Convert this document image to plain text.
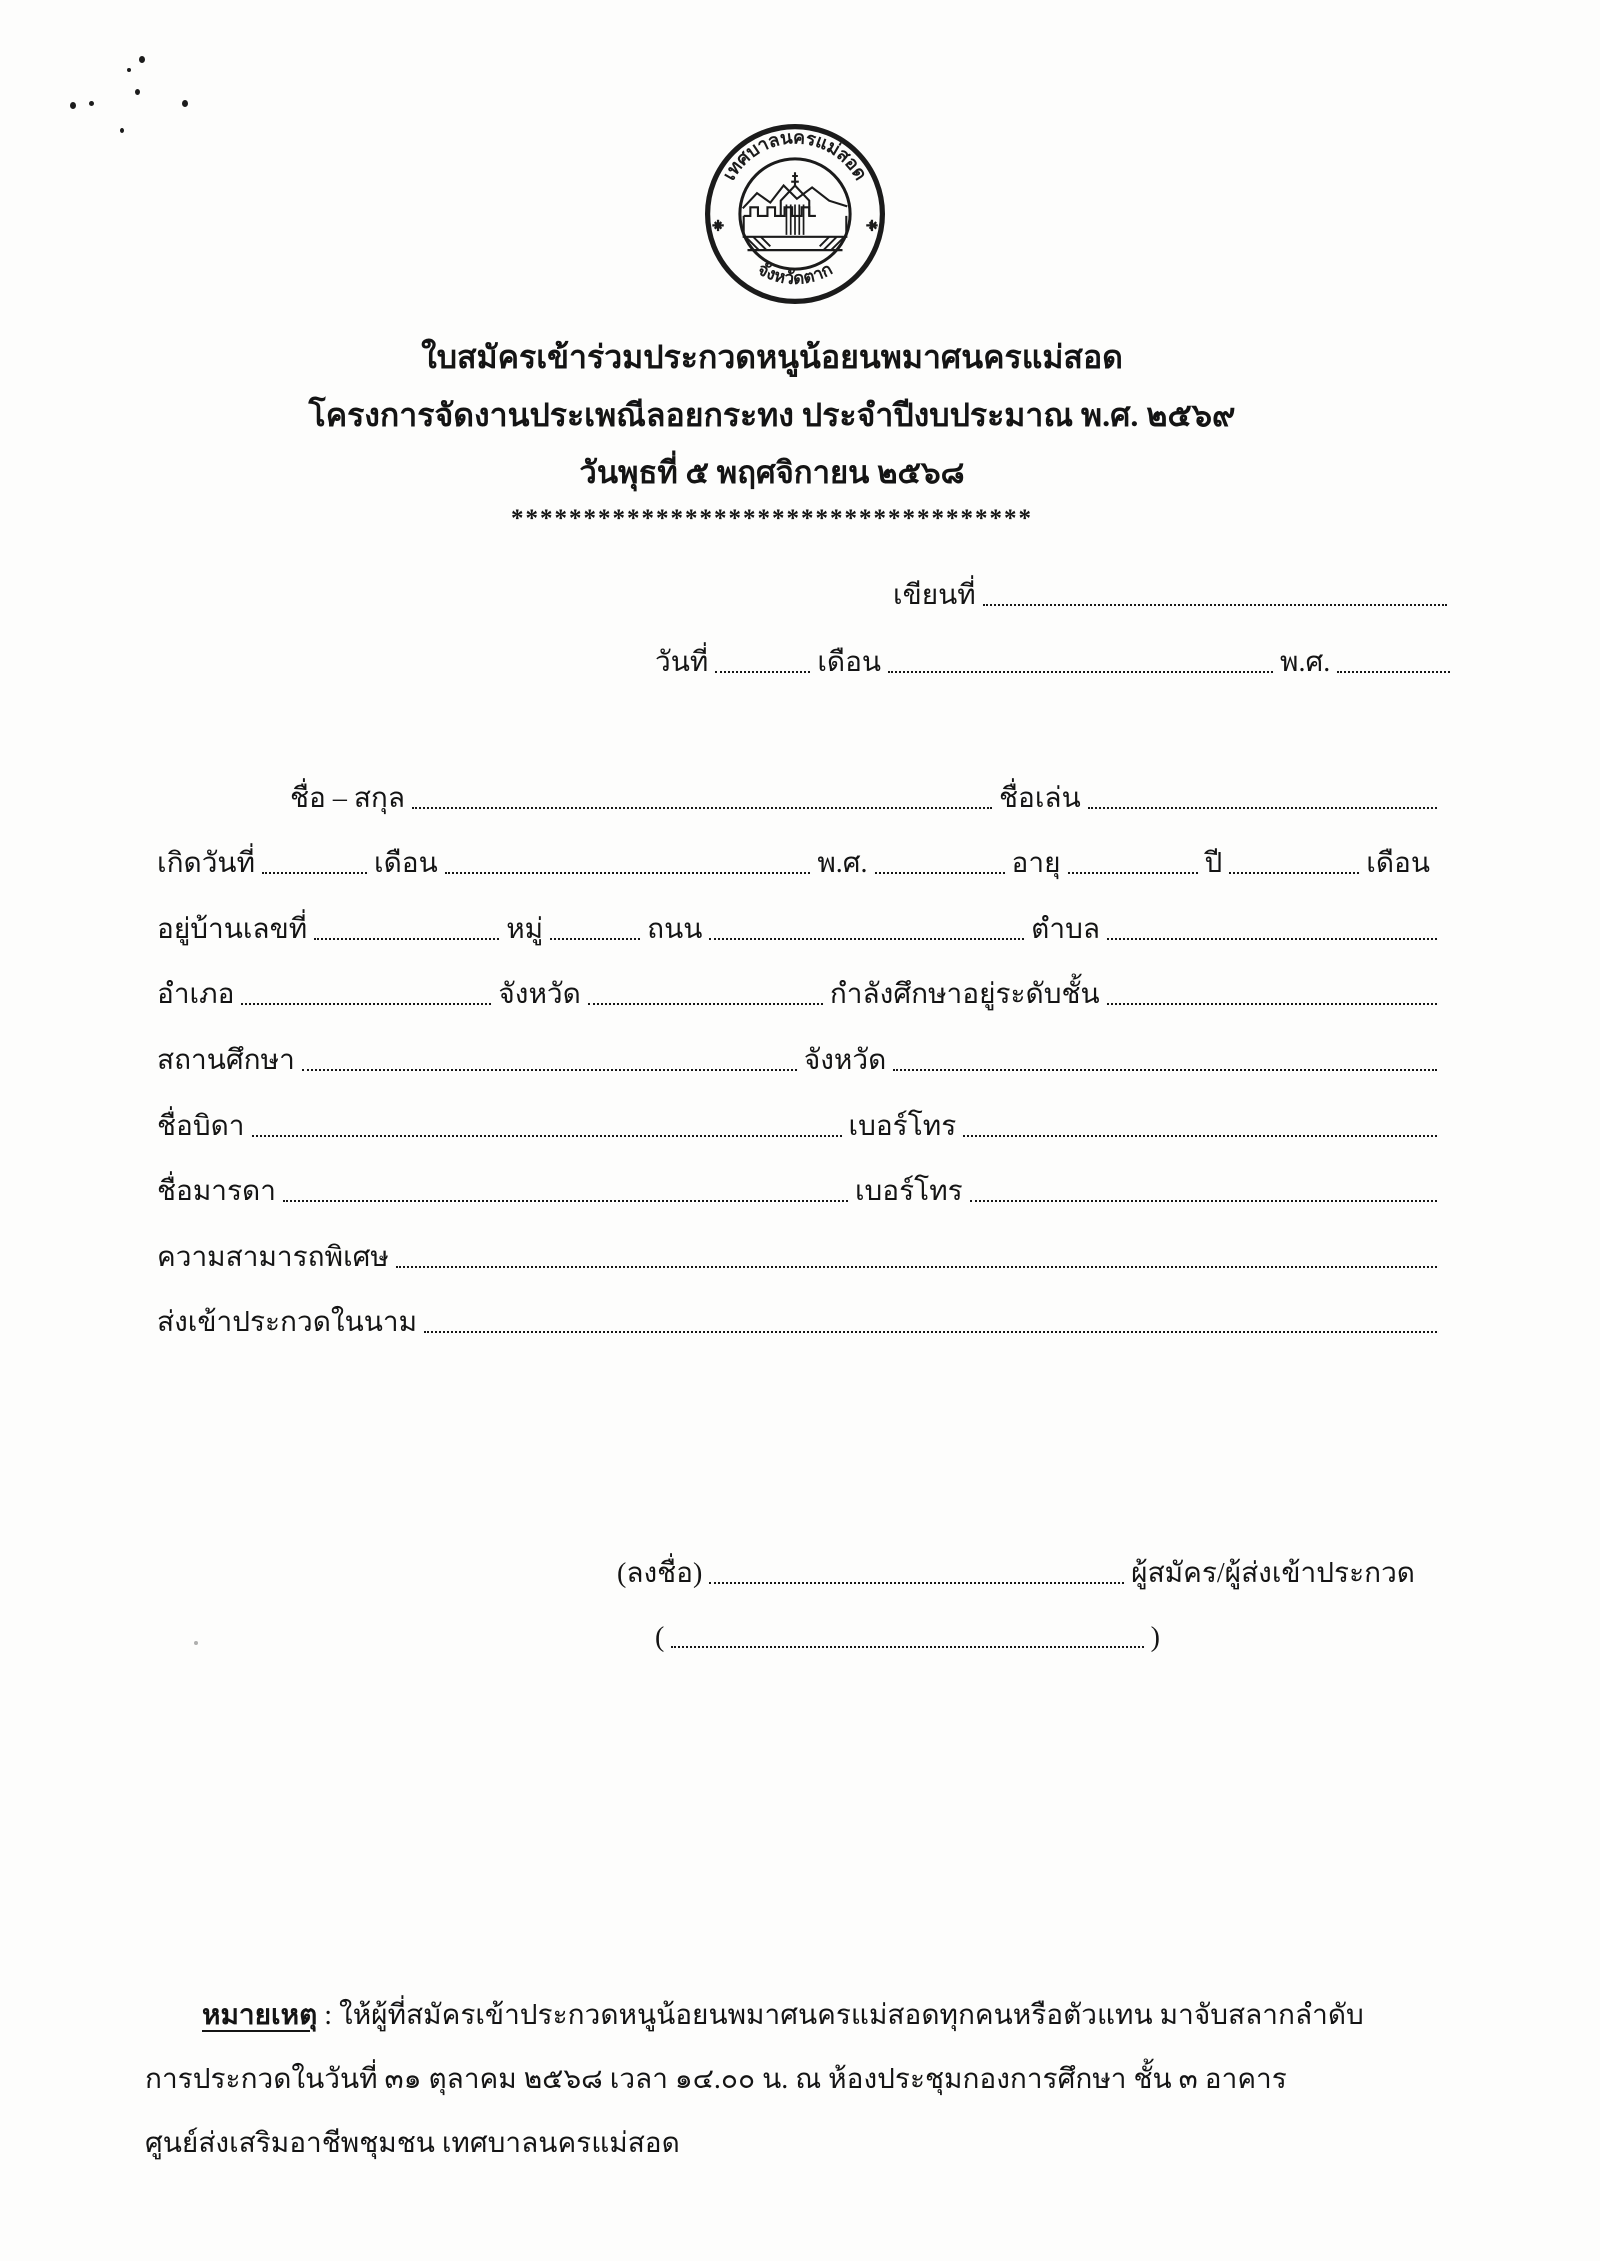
เทศบาลนครแม่สอด
จังหวัดตาก
ใบสมัครเข้าร่วมประกวดหนูน้อยนพมาศนครแม่สอด
โครงการจัดงานประเพณีลอยกระทง ประจำปีงบประมาณ พ.ศ. ๒๕๖๙
วันพุธที่ ๕ พฤศจิกายน ๒๕๖๘
************************************
เขียนที่
วันที่	เดือน	พ.ศ.
ชื่อ – สกุล	ชื่อเล่น
เกิดวันที่	เดือน	พ.ศ.	อายุ	ปี	เดือน
อยู่บ้านเลขที่	หมู่	ถนน	ตำบล
อำเภอ	จังหวัด	กำลังศึกษาอยู่ระดับชั้น
สถานศึกษา	จังหวัด
ชื่อบิดา	เบอร์โทร
ชื่อมารดา	เบอร์โทร
ความสามารถพิเศษ
ส่งเข้าประกวดในนาม
(ลงชื่อ)	ผู้สมัคร/ผู้ส่งเข้าประกวด
(	)
หมายเหตุ : ให้ผู้ที่สมัครเข้าประกวดหนูน้อยนพมาศนครแม่สอดทุกคนหรือตัวแทน มาจับสลากลำดับ
การประกวดในวันที่ ๓๑ ตุลาคม ๒๕๖๘ เวลา ๑๔.๐๐ น. ณ ห้องประชุมกองการศึกษา ชั้น ๓ อาคาร
ศูนย์ส่งเสริมอาชีพชุมชน เทศบาลนครแม่สอด
